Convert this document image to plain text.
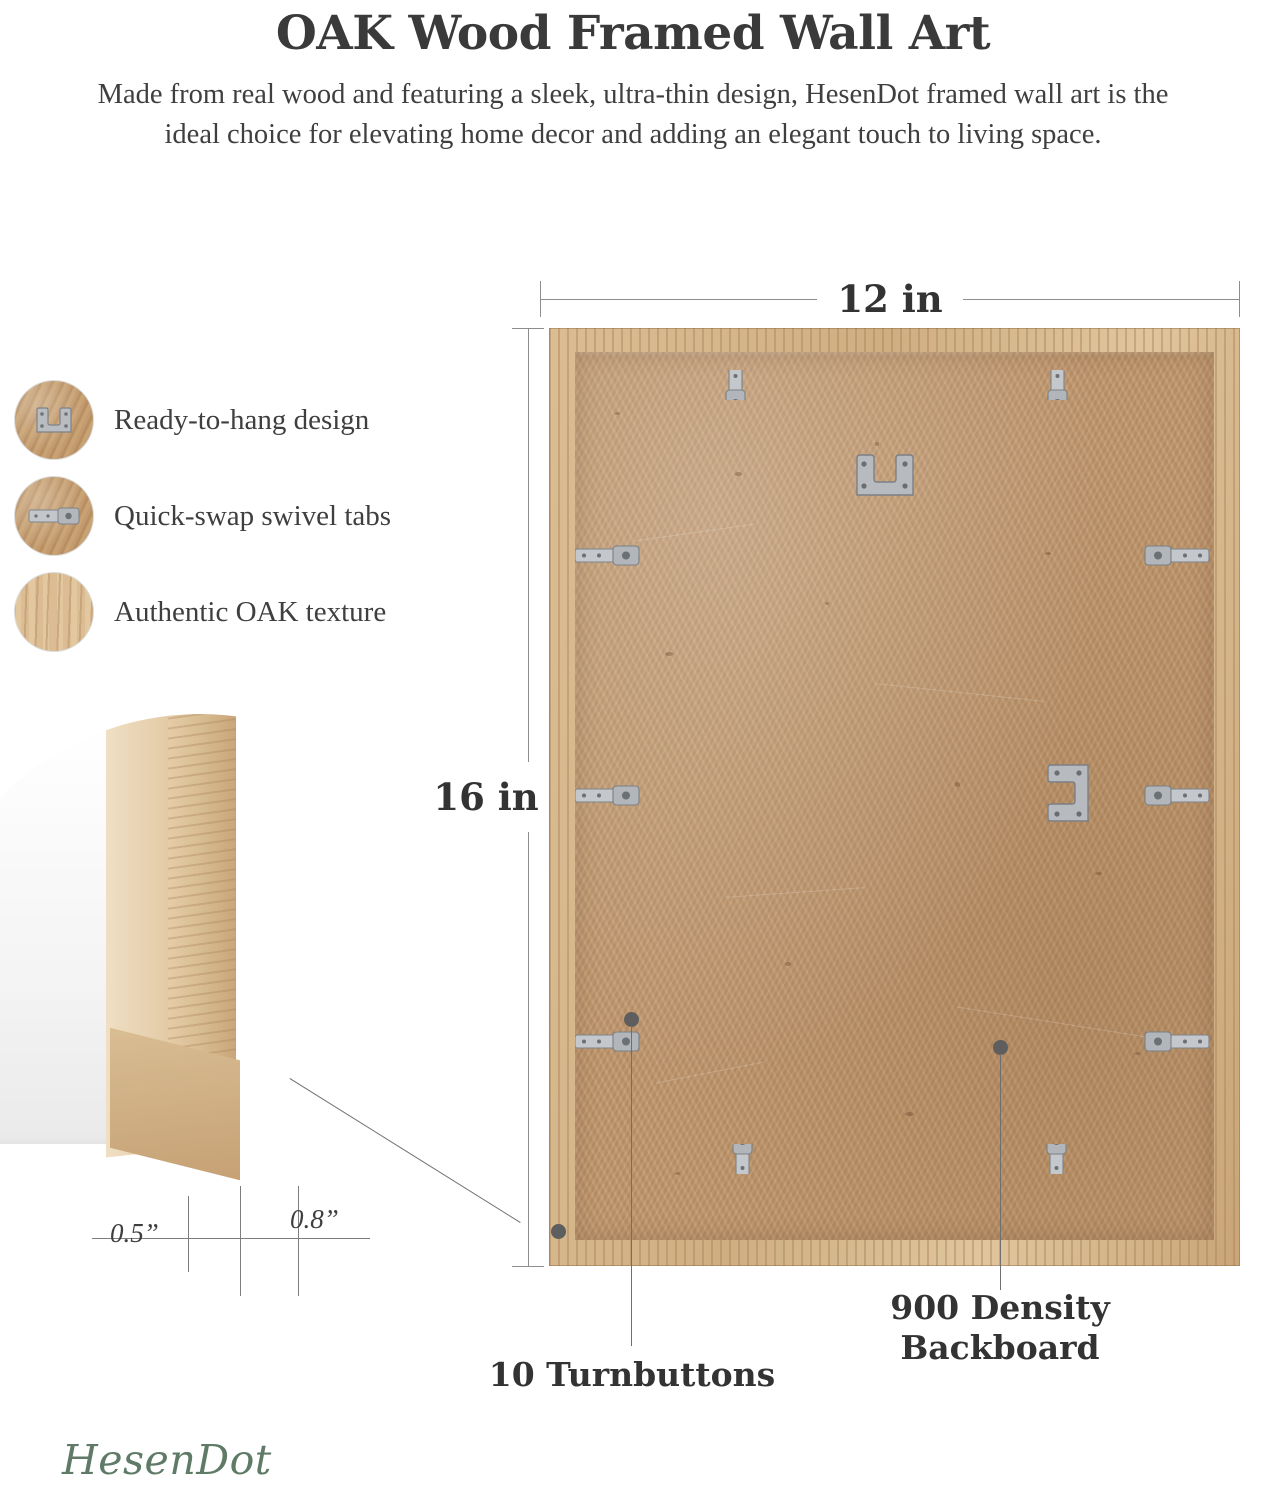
OAK Wood Framed Wall Art
Made from real wood and featuring a sleek, ultra-thin design, HesenDot framed wall art is the ideal choice for elevating home decor and adding an elegant touch to living space.
Ready-to-hang design
Quick-swap swivel tabs
Authentic OAK texture
12 in
16 in
0.5”	0.8”
10 Turnbuttons
900 Density
Backboard
HesenDot
